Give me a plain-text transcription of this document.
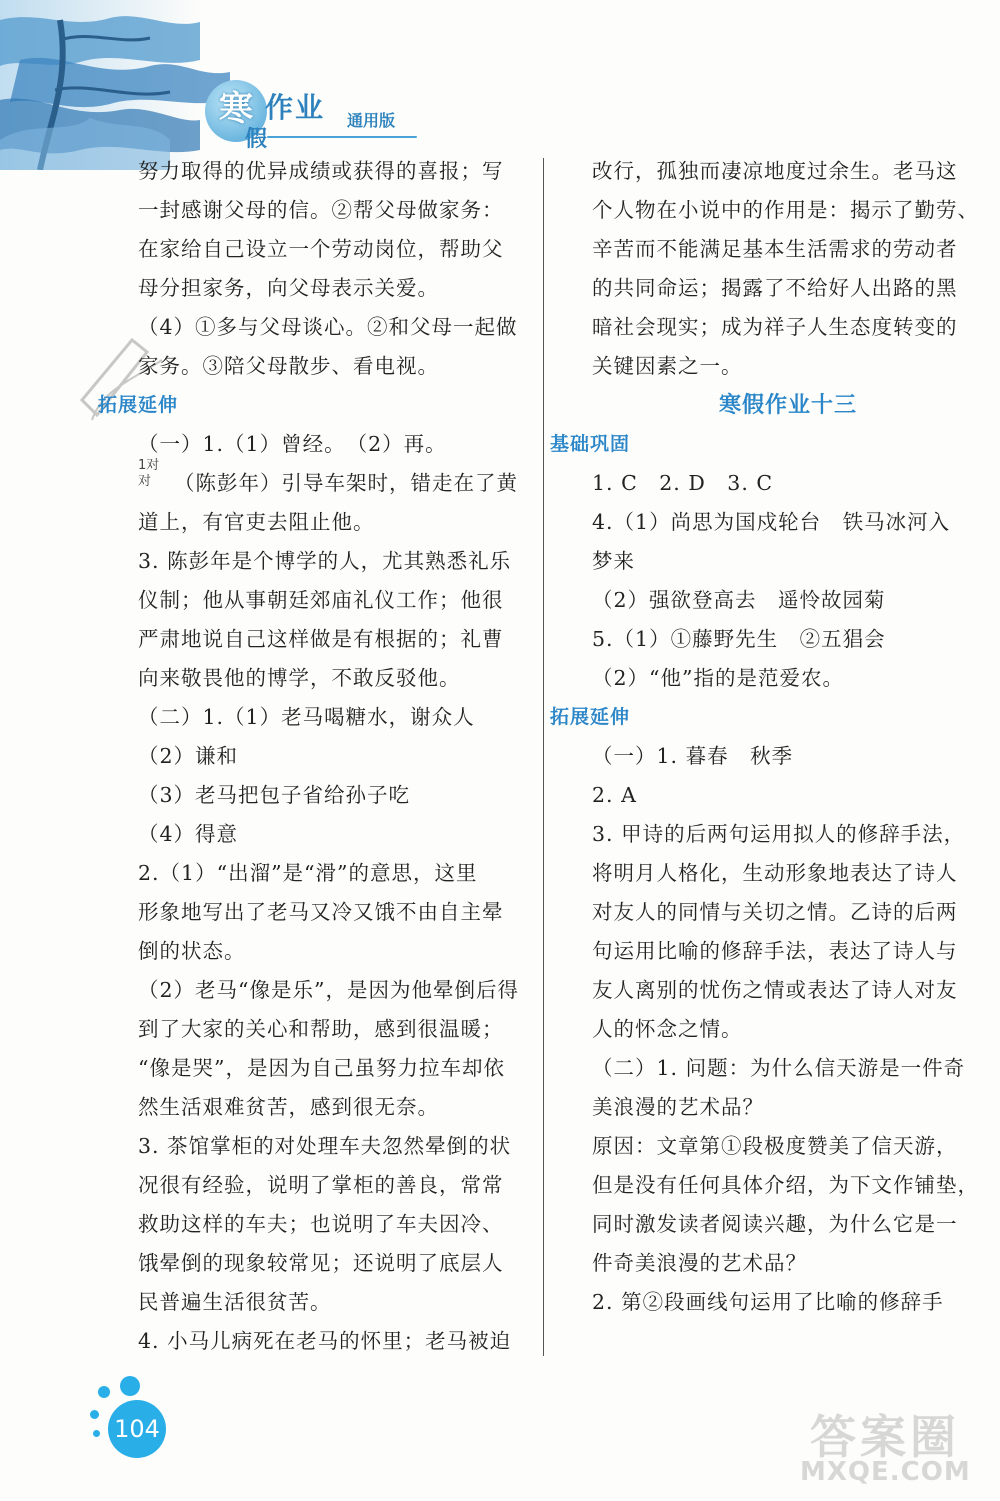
寒
假
作业 通用版
1对
对

努力取得的优异成绩或获得的喜报；写

一封感谢父母的信。②帮父母做家务：

在家给自己设立一个劳动岗位，帮助父

母分担家务，向父母表示关爱。

（4）①多与父母谈心。②和父母一起做

家务。③陪父母散步、看电视。

拓展延伸

（一）1.（1）曾经。　（2）再。

（陈彭年）引导车架时，错走在了黄

道上，有官吏去阻止他。

3. 陈彭年是个博学的人，尤其熟悉礼乐

仪制；他从事朝廷郊庙礼仪工作；他很

严肃地说自己这样做是有根据的；礼曹

向来敬畏他的博学，不敢反驳他。

（二）1.（1）老马喝糖水，谢众人

（2）谦和

（3）老马把包子省给孙子吃

（4）得意

2.（1）“出溜”是“滑”的意思，这里

形象地写出了老马又冷又饿不由自主晕

倒的状态。

（2）老马“像是乐”，是因为他晕倒后得

到了大家的关心和帮助，感到很温暖；

“像是哭”，是因为自己虽努力拉车却依

然生活艰难贫苦，感到很无奈。

3. 茶馆掌柜的对处理车夫忽然晕倒的状

况很有经验，说明了掌柜的善良，常常

救助这样的车夫；也说明了车夫因冷、

饿晕倒的现象较常见；还说明了底层人

民普遍生活很贫苦。

4. 小马儿病死在老马的怀里；老马被迫

改行，孤独而凄凉地度过余生。老马这

个人物在小说中的作用是：揭示了勤劳、

辛苦而不能满足基本生活需求的劳动者

的共同命运；揭露了不给好人出路的黑

暗社会现实；成为祥子人生态度转变的

关键因素之一。

寒假作业十三

基础巩固

1. C　2. D　3. C

4.（1）尚思为国戍轮台　铁马冰河入

梦来

（2）强欲登高去　遥怜故园菊

5.（1）①藤野先生　②五猖会

（2）“他”指的是范爱农。

拓展延伸

（一）1. 暮春　秋季

2. A

3. 甲诗的后两句运用拟人的修辞手法，

将明月人格化，生动形象地表达了诗人

对友人的同情与关切之情。乙诗的后两

句运用比喻的修辞手法，表达了诗人与

友人离别的忧伤之情或表达了诗人对友

人的怀念之情。

（二）1. 问题：为什么信天游是一件奇

美浪漫的艺术品？

原因：文章第①段极度赞美了信天游，

但是没有任何具体介绍，为下文作铺垫，

同时激发读者阅读兴趣，为什么它是一

件奇美浪漫的艺术品？

2. 第②段画线句运用了比喻的修辞手

104	答案圈
MXQE.COM
